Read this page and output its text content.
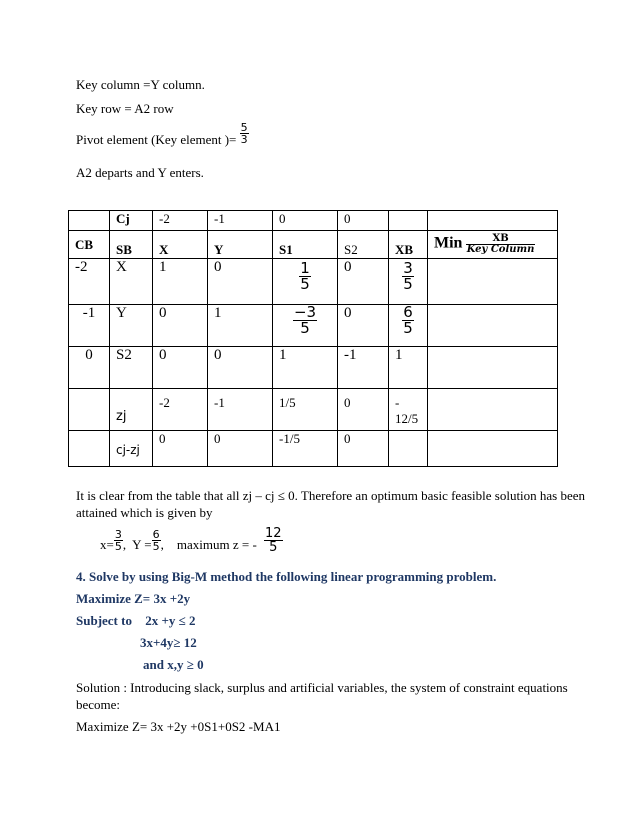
Key column =Y column.
Key row = A2 row
Pivot element (Key element )= $\frac{5}{3}$
A2 departs and Y enters.
	Cj	-2	-1	0	0		
CB	SB	X	Y	S1	S2	XB	Min $\frac{XB}{\text{Key Column}}$

-2	X	1	0	$\frac{1}{5}$	0	$\frac{3}{5}$

-1	Y	0	1	$\frac{-3}{5}$	0	$\frac{6}{5}$

0	S2	0	0	1	-1	1	
	zj	-2	-1	1/5	0	-
12/5	

	cj-zj	0	0	-1/5	0		
It is clear from the table that all zj – cj ≤ 0. Therefore an optimum basic feasible solution has been
attained which is given by
$x= \frac{3}{5}$ ,  $Y = \frac{6}{5}$ ,    maximum z = - $\frac{12}{5}$
4. Solve by using Big-M method the following linear programming problem.
Maximize Z= 3x +2y
Subject to 2x +y ≤ 2
3x+4y≥ 12
and x,y ≥ 0
Solution : Introducing slack, surplus and artificial variables, the system of constraint equations
become:
Maximize Z= 3x +2y +0S1+0S2 -MA1
